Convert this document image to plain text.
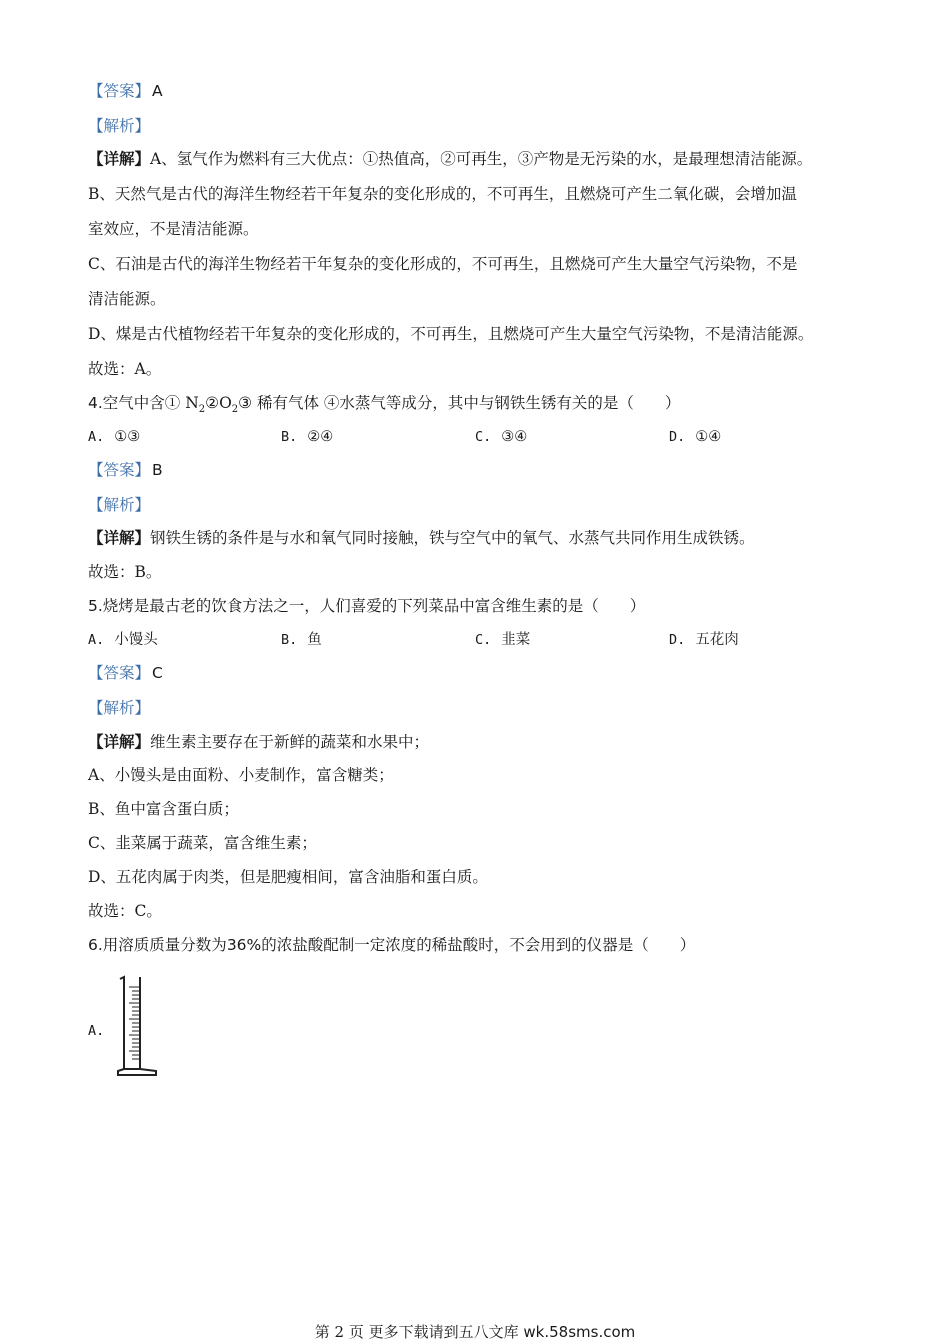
【答案】 A
【解析】
【详解】A、氢气作为燃料有三大优点：①热值高，②可再生，③产物是无污染的水，是最理想清洁能源。
B、天然气是古代的海洋生物经若干年复杂的变化形成的，不可再生，且燃烧可产生二氧化碳，会增加温
室效应，不是清洁能源。
C、石油是古代的海洋生物经若干年复杂的变化形成的，不可再生，且燃烧可产生大量空气污染物，不是
清洁能源。
D、煤是古代植物经若干年复杂的变化形成的，不可再生，且燃烧可产生大量空气污染物，不是清洁能源。
故选：A。
4.空气中含① $N_2②O_2③$ 稀有气体 ④水蒸气等成分，其中与钢铁生锈有关的是（　　）
A. ①③	B. ②④	C. ③④	D. ①④
【答案】 B
【解析】
【详解】钢铁生锈的条件是与水和氧气同时接触，铁与空气中的氧气、水蒸气共同作用生成铁锈。
故选：B。
5.烧烤是最古老的饮食方法之一，人们喜爱的下列菜品中富含维生素的是（　　）
A. 小馒头	B. 鱼	C. 韭菜	D. 五花肉
【答案】 C
【解析】
【详解】维生素主要存在于新鲜的蔬菜和水果中；
A、小馒头是由面粉、小麦制作，富含糖类；
B、鱼中富含蛋白质；
C、韭菜属于蔬菜，富含维生素；
D、五花肉属于肉类，但是肥瘦相间，富含油脂和蛋白质。
故选：C。
6.用溶质质量分数为36%的浓盐酸配制一定浓度的稀盐酸时，不会用到的仪器是（　　）
A.
第 2 页 更多下载请到五八文库 wk.58sms.com
